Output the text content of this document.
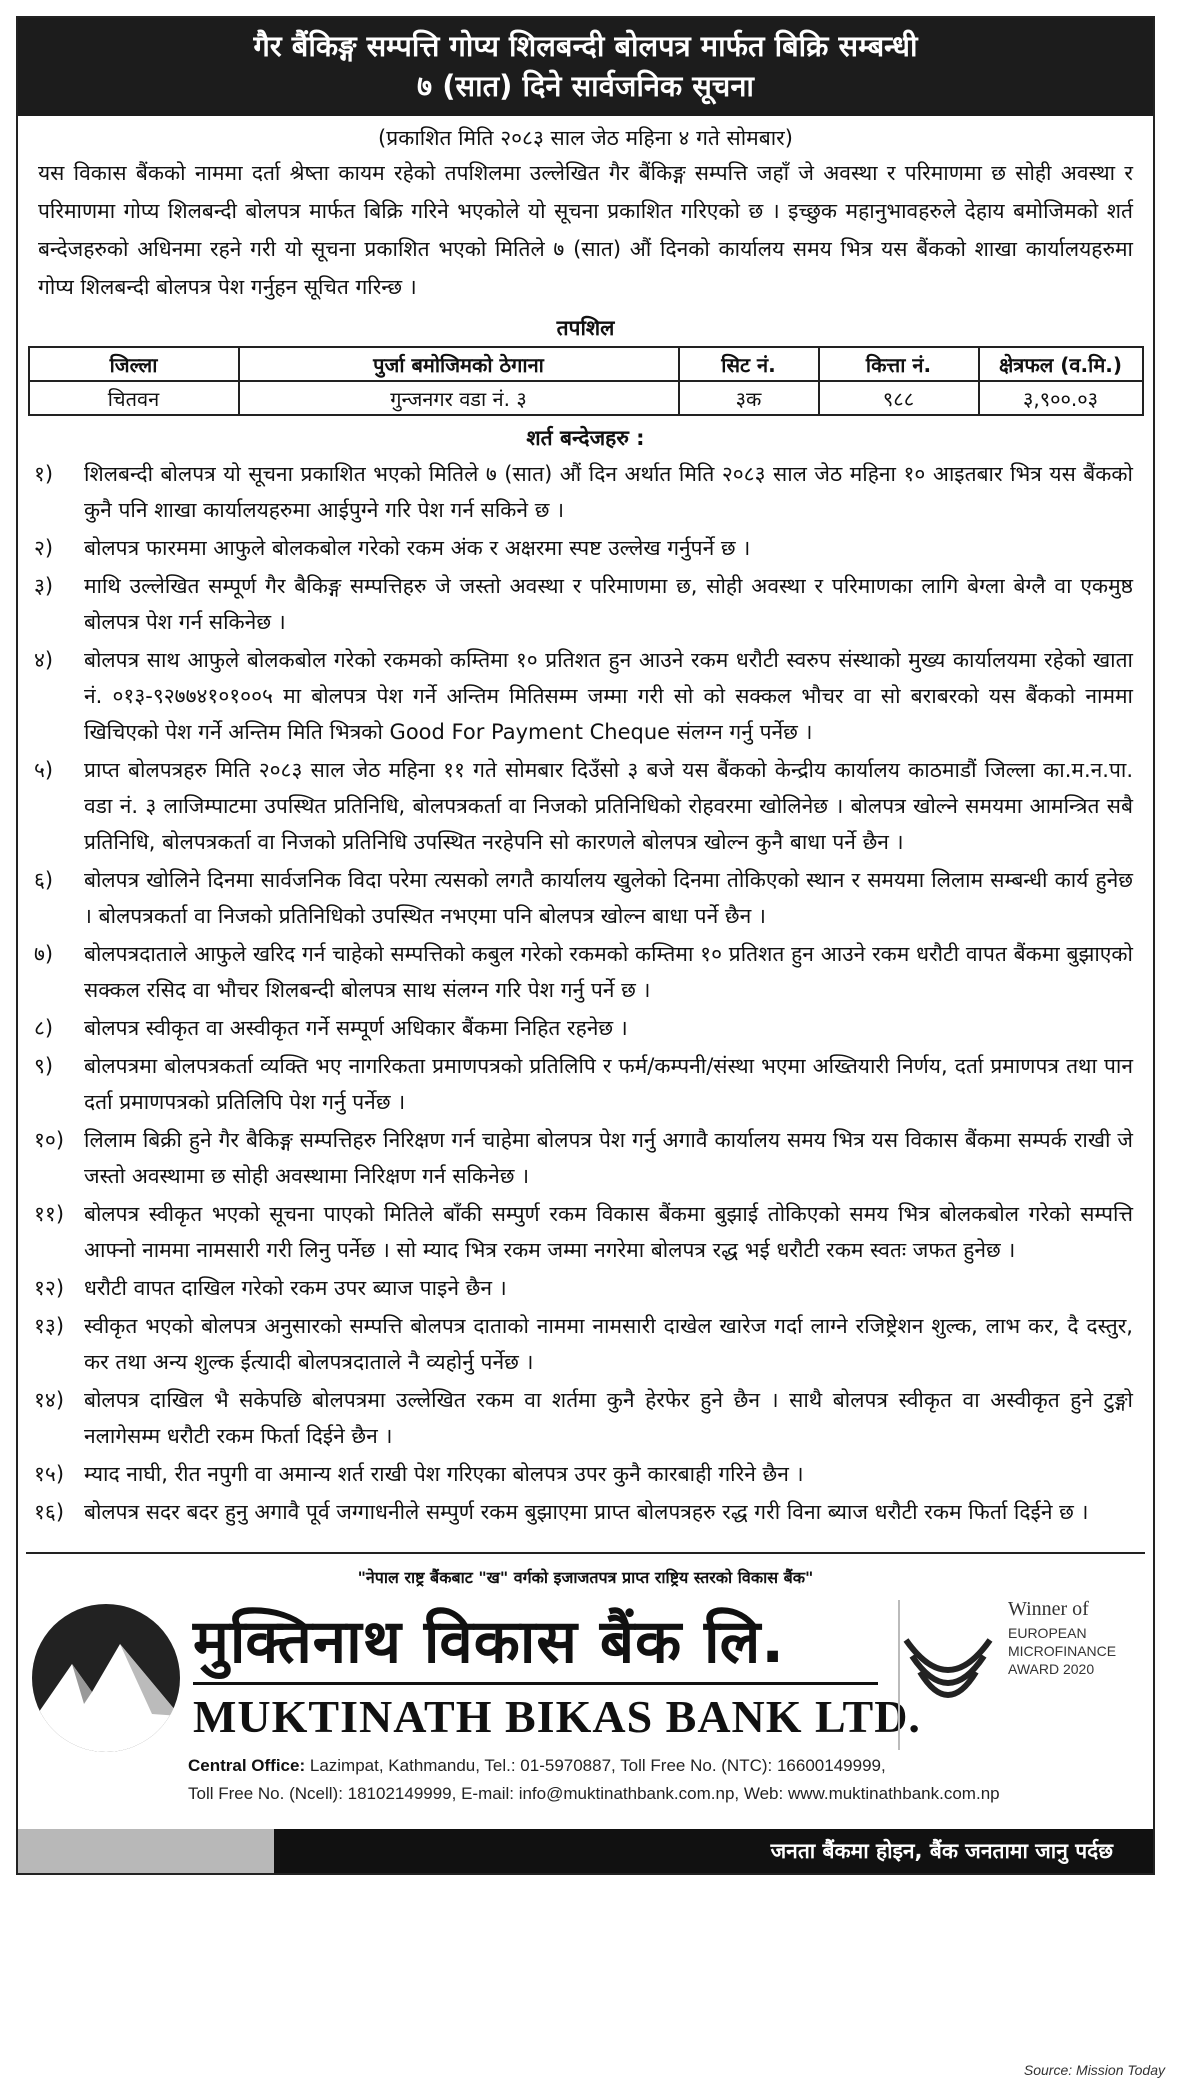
गैर बैंकिङ्ग सम्पत्ति गोप्य शिलबन्दी बोलपत्र मार्फत बिक्रि सम्बन्धी
७ (सात) दिने सार्वजनिक सूचना
(प्रकाशित मिति २०८३ साल जेठ महिना ४ गते सोमबार)
यस विकास बैंकको नाममा दर्ता श्रेष्ता कायम रहेको तपशिलमा उल्लेखित गैर बैंकिङ्ग सम्पत्ति जहाँ जे अवस्था र परिमाणमा छ सोही अवस्था र परिमाणमा गोप्य शिलबन्दी बोलपत्र मार्फत बिक्रि गरिने भएकोले यो सूचना प्रकाशित गरिएको छ । इच्छुक महानुभावहरुले देहाय बमोजिमको शर्त बन्देजहरुको अधिनमा रहने गरी यो सूचना प्रकाशित भएको मितिले ७ (सात) औं दिनको कार्यालय समय भित्र यस बैंकको शाखा कार्यालयहरुमा गोप्य शिलबन्दी बोलपत्र पेश गर्नुहन सूचित गरिन्छ ।
तपशिल
जिल्ला	पुर्जा बमोजिमको ठेगाना	सिट नं.	कित्ता नं.	क्षेत्रफल (व.मि.)
चितवन	गुन्जनगर वडा नं. ३	३क	९८८	३,९००.०३
शर्त बन्देजहरु :
१)	शिलबन्दी बोलपत्र यो सूचना प्रकाशित भएको मितिले ७ (सात) औं दिन अर्थात मिति २०८३ साल जेठ महिना १० आइतबार भित्र यस बैंकको कुनै पनि शाखा कार्यालयहरुमा आईपुग्ने गरि पेश गर्न सकिने छ ।
२)	बोलपत्र फारममा आफुले बोलकबोल गरेको रकम अंक र अक्षरमा स्पष्ट उल्लेख गर्नुपर्ने छ ।
३)	माथि उल्लेखित सम्पूर्ण गैर बैकिङ्ग सम्पत्तिहरु जे जस्तो अवस्था र परिमाणमा छ, सोही अवस्था र परिमाणका लागि बेग्ला बेग्लै वा एकमुष्ठ बोलपत्र पेश गर्न सकिनेछ ।
४)	बोलपत्र साथ आफुले बोलकबोल गरेको रकमको कम्तिमा १० प्रतिशत हुन आउने रकम धरौटी स्वरुप संस्थाको मुख्य कार्यालयमा रहेको खाता नं. ०१३-९२७७४१०१००५ मा बोलपत्र पेश गर्ने अन्तिम मितिसम्म जम्मा गरी सो को सक्कल भौचर वा सो बराबरको यस बैंकको नाममा खिचिएको पेश गर्ने अन्तिम मिति भित्रको Good For Payment Cheque संलग्न गर्नु पर्नेछ ।
५)	प्राप्त बोलपत्रहरु मिति २०८३ साल जेठ महिना ११ गते सोमबार दिउँसो ३ बजे यस बैंकको केन्द्रीय कार्यालय काठमाडौं जिल्ला का.म.न.पा. वडा नं. ३ लाजिम्पाटमा उपस्थित प्रतिनिधि, बोलपत्रकर्ता वा निजको प्रतिनिधिको रोहवरमा खोलिनेछ । बोलपत्र खोल्ने समयमा आमन्त्रित सबै प्रतिनिधि, बोलपत्रकर्ता वा निजको प्रतिनिधि उपस्थित नरहेपनि सो कारणले बोलपत्र खोल्न कुनै बाधा पर्ने छैन ।
६)	बोलपत्र खोलिने दिनमा सार्वजनिक विदा परेमा त्यसको लगतै कार्यालय खुलेको दिनमा तोकिएको स्थान र समयमा लिलाम सम्बन्धी कार्य हुनेछ । बोलपत्रकर्ता वा निजको प्रतिनिधिको उपस्थित नभएमा पनि बोलपत्र खोल्न बाधा पर्ने छैन ।
७)	बोलपत्रदाताले आफुले खरिद गर्न चाहेको सम्पत्तिको कबुल गरेको रकमको कम्तिमा १० प्रतिशत हुन आउने रकम धरौटी वापत बैंकमा बुझाएको सक्कल रसिद वा भौचर शिलबन्दी बोलपत्र साथ संलग्न गरि पेश गर्नु पर्ने छ ।
८)	बोलपत्र स्वीकृत वा अस्वीकृत गर्ने सम्पूर्ण अधिकार बैंकमा निहित रहनेछ ।
९)	बोलपत्रमा बोलपत्रकर्ता व्यक्ति भए नागरिकता प्रमाणपत्रको प्रतिलिपि र फर्म/कम्पनी/संस्था भएमा अख्तियारी निर्णय, दर्ता प्रमाणपत्र तथा पान दर्ता प्रमाणपत्रको प्रतिलिपि पेश गर्नु पर्नेछ ।
१०) लिलाम बिक्री हुने गैर बैकिङ्ग सम्पत्तिहरु निरिक्षण गर्न चाहेमा बोलपत्र पेश गर्नु अगावै कार्यालय समय भित्र यस विकास बैंकमा सम्पर्क राखी जे जस्तो अवस्थामा छ सोही अवस्थामा निरिक्षण गर्न सकिनेछ ।
११) बोलपत्र स्वीकृत भएको सूचना पाएको मितिले बाँकी सम्पुर्ण रकम विकास बैंकमा बुझाई तोकिएको समय भित्र बोलकबोल गरेको सम्पत्ति आफ्नो नाममा नामसारी गरी लिनु पर्नेछ । सो म्याद भित्र रकम जम्मा नगरेमा बोलपत्र रद्ध भई धरौटी रकम स्वतः जफत हुनेछ ।
१२) धरौटी वापत दाखिल गरेको रकम उपर ब्याज पाइने छैन ।
१३) स्वीकृत भएको बोलपत्र अनुसारको सम्पत्ति बोलपत्र दाताको नाममा नामसारी दाखेल खारेज गर्दा लाग्ने रजिष्ट्रेशन शुल्क, लाभ कर, दै दस्तुर, कर तथा अन्य शुल्क ईत्यादी बोलपत्रदाताले नै व्यहोर्नु पर्नेछ ।
१४) बोलपत्र दाखिल भै सकेपछि बोलपत्रमा उल्लेखित रकम वा शर्तमा कुनै हेरफेर हुने छैन । साथै बोलपत्र स्वीकृत वा अस्वीकृत हुने टुङ्गो नलागेसम्म धरौटी रकम फिर्ता दिईने छैन ।
१५) म्याद नाघी, रीत नपुगी वा अमान्य शर्त राखी पेश गरिएका बोलपत्र उपर कुनै कारबाही गरिने छैन ।
१६) बोलपत्र सदर बदर हुनु अगावै पूर्व जग्गाधनीले सम्पुर्ण रकम बुझाएमा प्राप्त बोलपत्रहरु रद्ध गरी विना ब्याज धरौटी रकम फिर्ता दिईने छ ।
"नेपाल राष्ट्र बैंकबाट "ख" वर्गको इजाजतपत्र प्राप्त राष्ट्रिय स्तरको विकास बैंक"
मुक्तिनाथ विकास बैंक लि.
MUKTINATH BIKAS BANK LTD.
Winner of
EUROPEAN
MICROFINANCE
AWARD 2020
Central Office: Lazimpat, Kathmandu, Tel.: 01-5970887, Toll Free No. (NTC): 16600149999,
Toll Free No. (Ncell): 18102149999, E-mail: info@muktinathbank.com.np, Web: www.muktinathbank.com.np
जनता बैंकमा होइन, बैंक जनतामा जानु पर्दछ
Source: Mission Today
